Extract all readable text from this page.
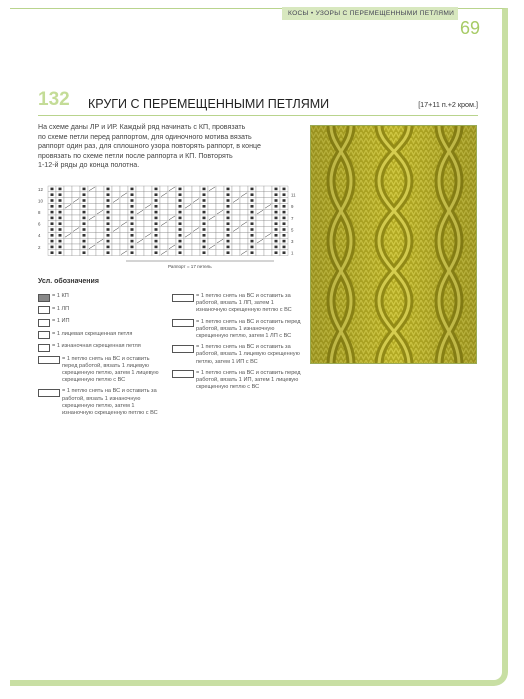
КОСЫ • УЗОРЫ С ПЕРЕМЕЩЕННЫМИ ПЕТЛЯМИ
69
132 КРУГИ С ПЕРЕМЕЩЕННЫМИ ПЕТЛЯМИ	[17+11 п.+2 кром.]
На схеме даны ЛР и ИР. Каждый ряд начинать с КП, провязать
по схеме петли перед раппортом, для одиночного мотива вязать
раппорт один раз, для сплошного узора повторять раппорт, в конце
провязать по схеме петли после раппорта и КП. Повторять
1-12-й ряды до конца полотна.
12
10
8
6
4
2
11
9
7
5
3
1
Раппорт = 17 петель
Усл. обозначения
= 1 КП
= 1 ЛП
= 1 ИП
= 1 лицевая скрещенная петля
= 1 изнаночная скрещенная петля
= 1 петлю снять на ВС и оставить перед работой, вязать 1 лицевую скрещенную петлю, затем 1 лицевую скрещенную петлю с ВС
= 1 петлю снять на ВС и оставить за работой, вязать 1 изнаночную скрещенную петлю, затем 1 изнаночную скрещенную петлю с ВС
= 1 петлю снять на ВС и оставить за работой, вязать 1 ЛП, затем 1 изнаночную скрещенную петлю с ВС
= 1 петлю снять на ВС и оставить перед работой, вязать 1 изнаночную скрещенную петлю, затем 1 ЛП с ВС
= 1 петлю снять на ВС и оставить за работой, вязать 1 лицевую скрещенную петлю, затем 1 ИП с ВС
= 1 петлю снять на ВС и оставить перед работой, вязать 1 ИП, затем 1 лицевую скрещенную петлю с ВС
